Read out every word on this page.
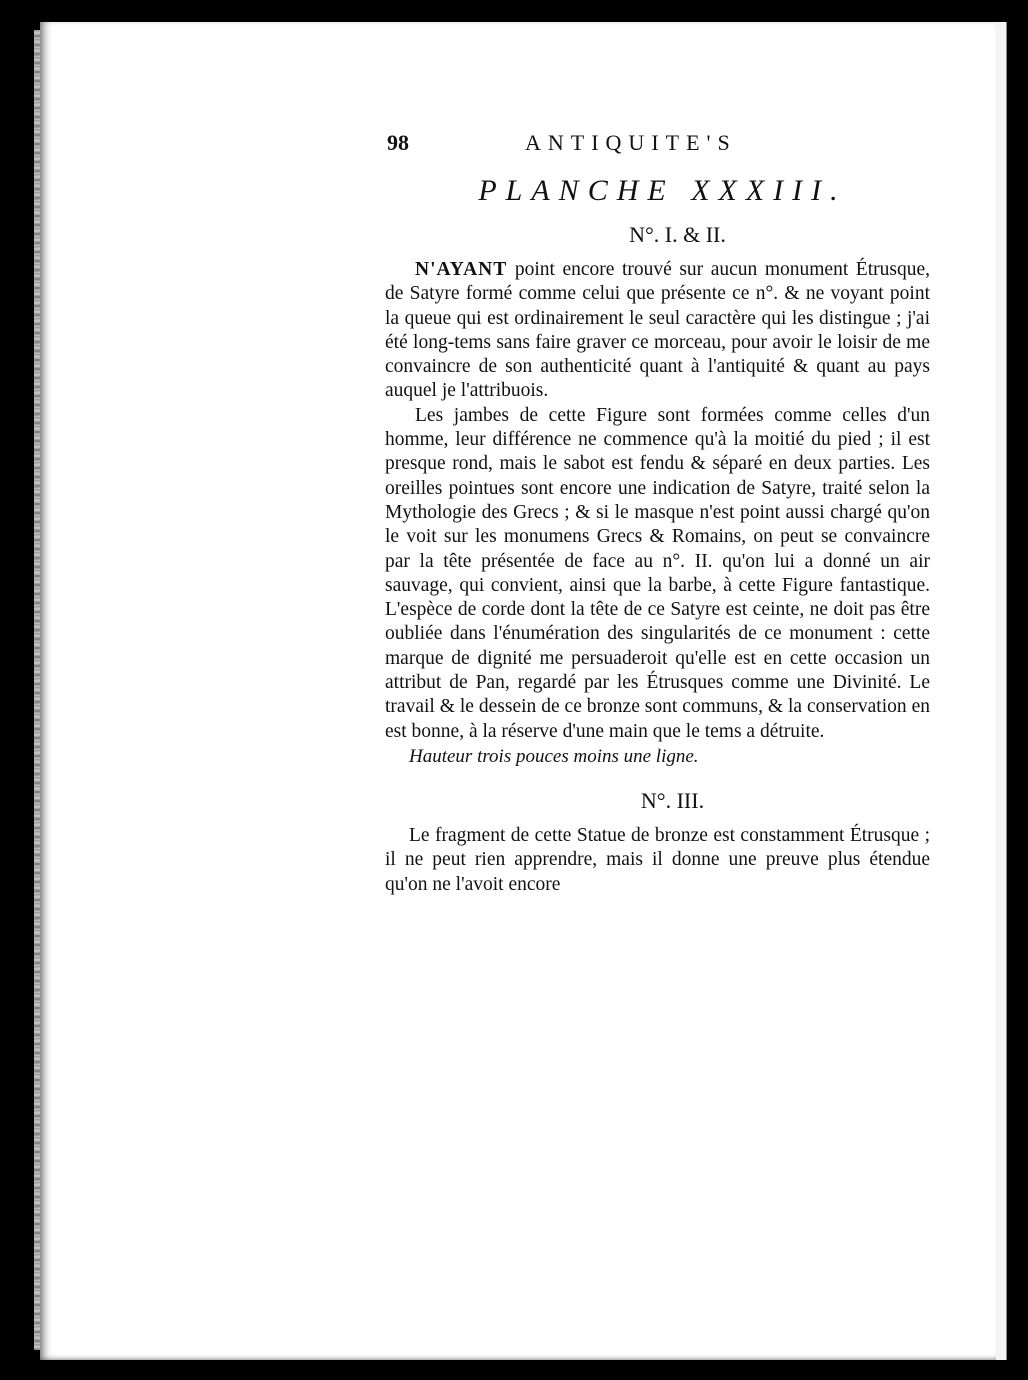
98	ANTIQUITE'S
PLANCHE XXXIII.
N°. I. & II.

N'AYANT point encore trouvé sur aucun monument Étrusque, de Satyre formé comme celui que présente ce n°. & ne voyant point la queue qui est ordinairement le seul caractère qui les distingue ; j'ai été long-tems sans faire graver ce morceau, pour avoir le loisir de me convaincre de son authenticité quant à l'antiquité & quant au pays auquel je l'attribuois.

Les jambes de cette Figure sont formées comme celles d'un homme, leur différence ne commence qu'à la moitié du pied ; il est presque rond, mais le sabot est fendu & séparé en deux parties. Les oreilles pointues sont encore une indication de Satyre, traité selon la Mythologie des Grecs ; & si le masque n'est point aussi chargé qu'on le voit sur les monumens Grecs & Romains, on peut se convaincre par la tête présentée de face au n°. II. qu'on lui a donné un air sauvage, qui convient, ainsi que la barbe, à cette Figure fantastique. L'espèce de corde dont la tête de ce Satyre est ceinte, ne doit pas être oubliée dans l'énumération des singularités de ce monument : cette marque de dignité me persuaderoit qu'elle est en cette occasion un attribut de Pan, regardé par les Étrusques comme une Divinité. Le travail & le dessein de ce bronze sont communs, & la conservation en est bonne, à la réserve d'une main que le tems a détruite.

Hauteur trois pouces moins une ligne.

N°. III.

Le fragment de cette Statue de bronze est constamment Étrusque ; il ne peut rien apprendre, mais il donne une preuve plus étendue qu'on ne l'avoit encore
